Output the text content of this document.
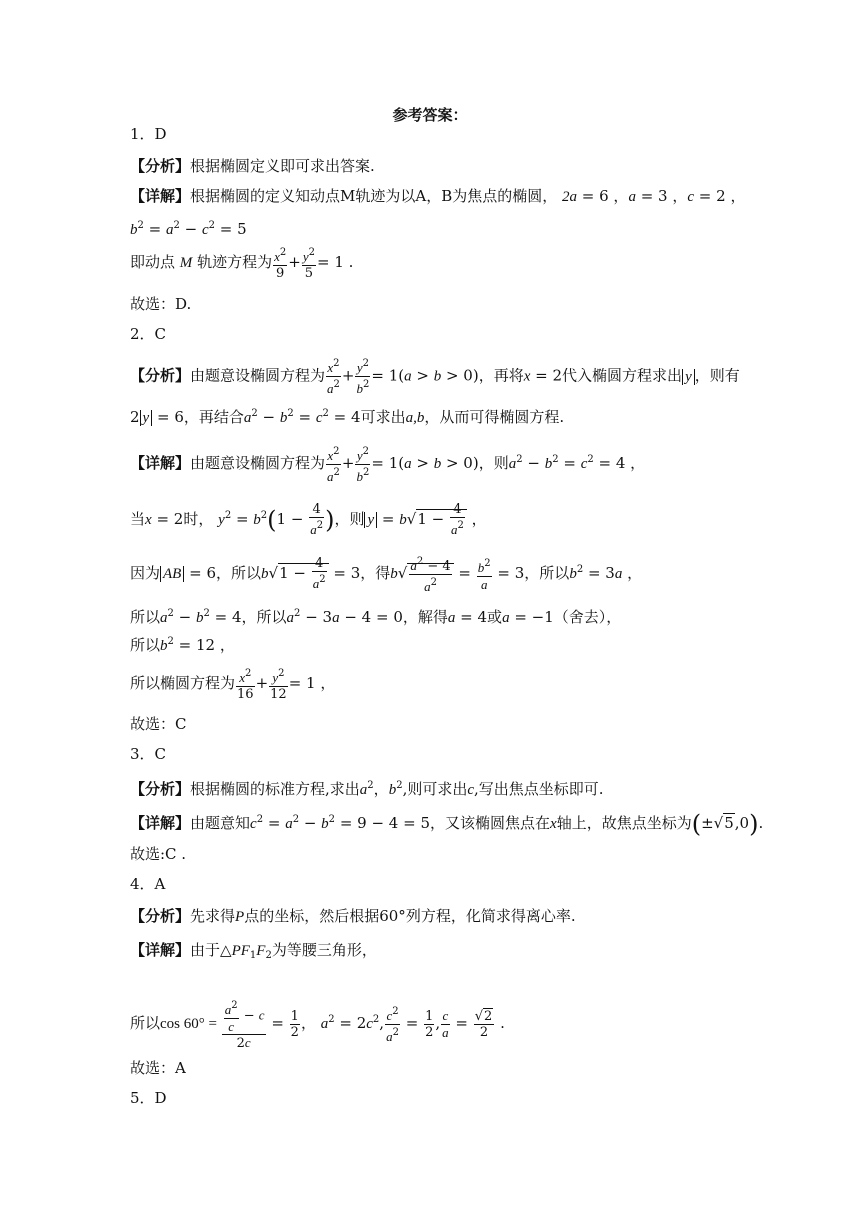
参考答案：
1．D
【分析】根据椭圆定义即可求出答案.
【详解】根据椭圆的定义知动点M轨迹为以A，B为焦点的椭圆， 2a = 6 ，a = 3 ，c = 2 ，
$b^2 = a^2 - c^2 = 5$
即动点 M 轨迹方程为 $\frac{x^2}{9} + \frac{y^2}{5} = 1$ .
故选：D.
2．C
【分析】由题意设椭圆方程为 $\frac{x^2}{a^2} + \frac{y^2}{b^2} = 1(a > b > 0)$，再将x = 2代入椭圆方程求出 y ，则有
2 y = 6，再结合$a^2 - b^2 = c^2 = 4$可求出a,b，从而可得椭圆方程.
【详解】由题意设椭圆方程为 $\frac{x^2}{a^2} + \frac{y^2}{b^2} = 1(a > b > 0)$，则$a^2 - b^2 = c^2 = 4$ ，
当x = 2时， $y^2 = b^2(1 - \frac{4}{a^2}$ )，则 $y = b√1 - \frac{4}{a^2}$ ，
因为 AB = 6，所以$b√1 - \frac{4}{a^2} = 3$，得$b√ \frac{a^2 - 4}{a^2} = \frac{b^2}{a} = 3$，所以$b^2 = 3a$ ，
所以$a^2 - b^2 = 4$，所以$a^2 - 3a - 4 = 0$，解得a = 4或a = −1（舍去），
所以$b^2 = 12$ ，
所以椭圆方程为 $\frac{x^2}{16} + \frac{y^2}{12} = 1$ ，
故选：C
3．C
【分析】根据椭圆的标准方程,求出$a^2$，$b^2$,则可求出c,写出焦点坐标即可.
【详解】由题意知$c^2 = a^2 - b^2 = 9 - 4 = 5$，又该椭圆焦点在x轴上，故焦点坐标为(±√5,0).
故选:C .
4．A
【分析】先求得P点的坐标，然后根据60°列方程，化简求得离心率.
【详解】由于$\triangle PF_1F_2$为等腰三角形，
所以$\cos 60^\circ = \frac{\frac{a^2}{c} - c}{2c} = \frac{1}{2}$ ， $a^2 = 2c^2$, $\frac{c^2}{a^2} = \frac{1}{2}$ , $\frac{c}{a} = \frac{√2}{2}$ .
故选：A
5．D
